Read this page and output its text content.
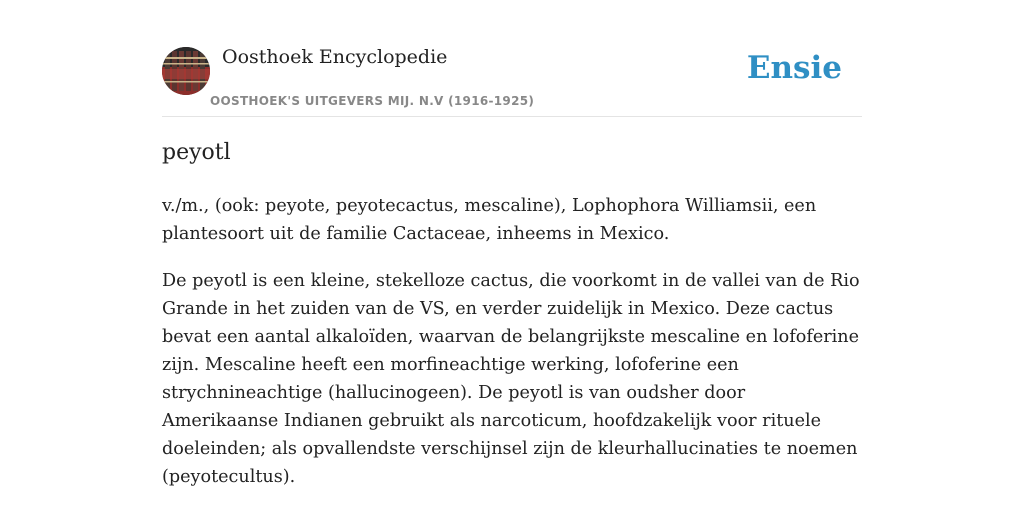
Oosthoek Encyclopedie
OOSTHOEK'S UITGEVERS MIJ. N.V (1916-1925)
Ensie
peyotl

v./m., (ook: peyote, peyotecactus, mescaline), Lophophora Williamsii, een plantesoort uit de familie Cactaceae, inheems in Mexico.

De peyotl is een kleine, stekelloze cactus, die voorkomt in de vallei van de Rio Grande in het zuiden van de VS, en verder zuidelijk in Mexico. Deze cactus bevat een aantal alkaloïden, waarvan de belangrijkste mescaline en lofoferine zijn. Mescaline heeft een morfineachtige werking, lofoferine een strychnineachtige (hallucinogeen). De peyotl is van oudsher door Amerikaanse Indianen gebruikt als narcoticum, hoofdzakelijk voor rituele doeleinden; als opvallendste verschijnsel zijn de kleurhallucinaties te noemen (peyotecultus).
